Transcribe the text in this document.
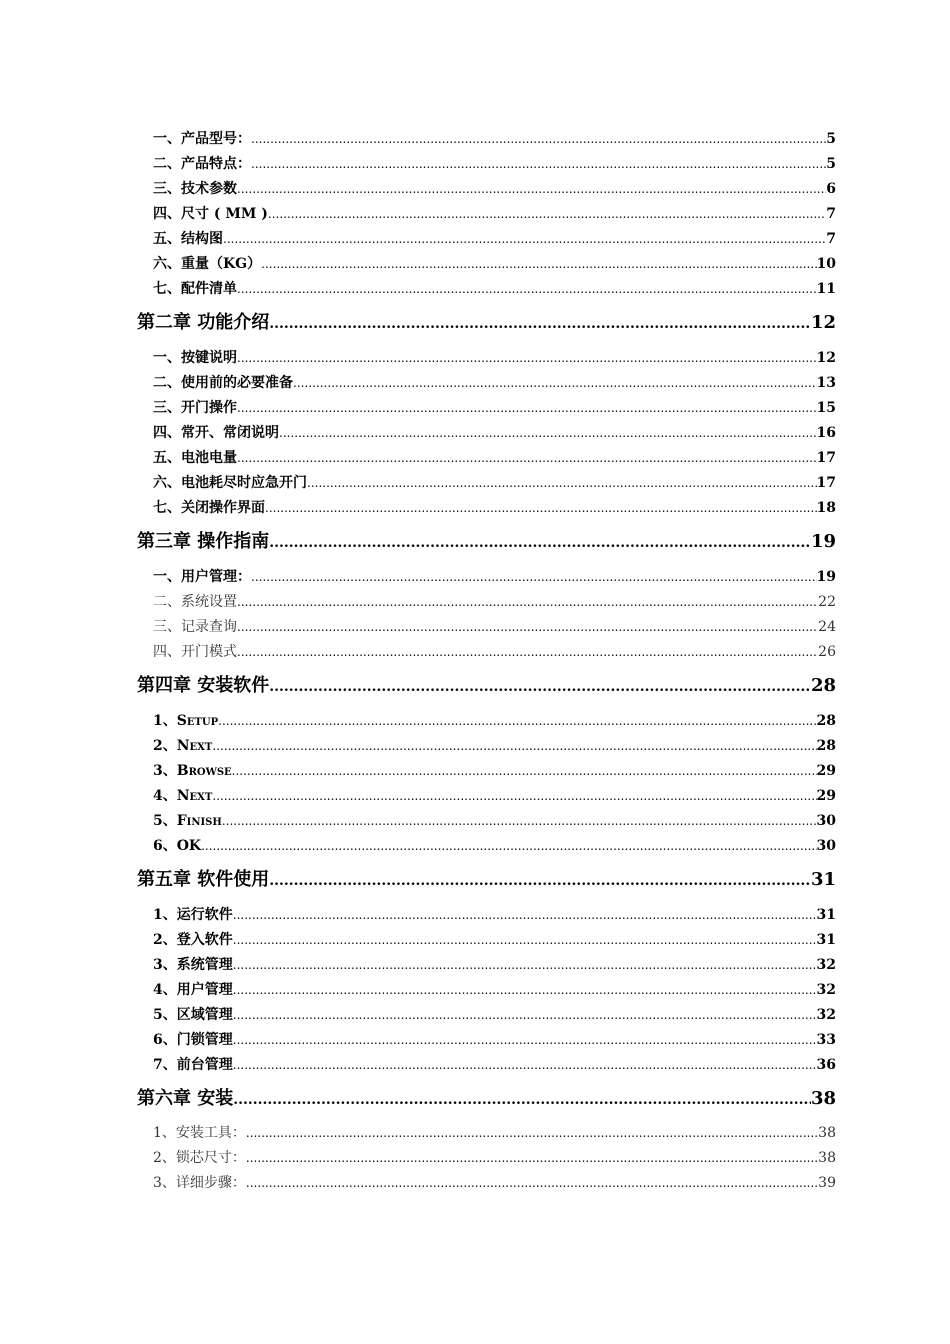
一、产品型号： .....	5
二、产品特点： .....	5
三、技术参数 .....	6
四、尺寸 ( MM ) .....	7
五、结构图 .....	7
六、重量（KG） .....	10
七、配件清单 .....	11
第二章 功能介绍 .....	12
一、按键说明 .....	12
二、使用前的必要准备 .....	13
三、开门操作 .....	15
四、常开、常闭说明 .....	16
五、电池电量 .....	17
六、电池耗尽时应急开门 .....	17
七、关闭操作界面 .....	18
第三章 操作指南 .....	19
一、用户管理： .....	19
二、系统设置 .....	22
三、记录查询 .....	24
四、开门模式 .....	26
第四章 安装软件 .....	28
1、Setup .....	28
2、Next .....	28
3、Browse .....	29
4、Next .....	29
5、Finish .....	30
6、OK .....	30
第五章 软件使用 .....	31
1、运行软件 .....	31
2、登入软件 .....	31
3、系统管理 .....	32
4、用户管理 .....	32
5、区域管理 .....	32
6、门锁管理 .....	33
7、前台管理 .....	36
第六章 安装 .....	38
1、安装工具： .....	38
2、锁芯尺寸： .....	38
3、详细步骤： .....	39
